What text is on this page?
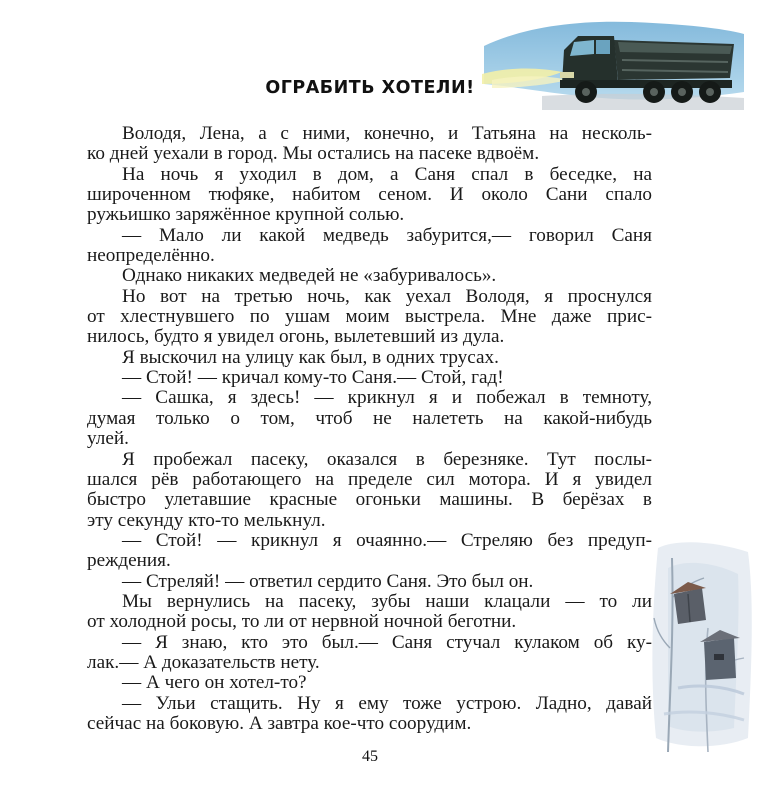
ОГРАБИТЬ ХОТЕЛИ!

Володя, Лена, а с ними, конечно, и Татьяна на несколь-
ко дней уехали в город. Мы остались на пасеке вдвоём.

На ночь я уходил в дом, а Саня спал в беседке, на
широченном тюфяке, набитом сеном. И около Сани спало
ружьишко заряжённое крупной солью.

— Мало ли какой медведь забурится,— говорил Саня
неопределённо.

Однако никаких медведей не «забуривалось».

Но вот на третью ночь, как уехал Володя, я проснулся
от хлестнувшего по ушам моим выстрела. Мне даже прис-
нилось, будто я увидел огонь, вылетевший из дула.

Я выскочил на улицу как был, в одних трусах.

— Стой! — кричал кому-то Саня.— Стой, гад!

— Сашка, я здесь! — крикнул я и побежал в темноту,
думая только о том, чтоб не налететь на какой-нибудь
улей.

Я пробежал пасеку, оказался в березняке. Тут послы-
шался рёв работающего на пределе сил мотора. И я увидел
быстро улетавшие красные огоньки машины. В берёзах в
эту секунду кто-то мелькнул.

— Стой! — крикнул я очаянно.— Стреляю без предуп-
реждения.

— Стреляй! — ответил сердито Саня. Это был он.

Мы вернулись на пасеку, зубы наши клацали — то ли
от холодной росы, то ли от нервной ночной беготни.

— Я знаю, кто это был.— Саня стучал кулаком об ку-
лак.— А доказательств нету.

— А чего он хотел-то?

— Ульи стащить. Ну я ему тоже устрою. Ладно, давай
сейчас на боковую. А завтра кое-что соорудим.

45
